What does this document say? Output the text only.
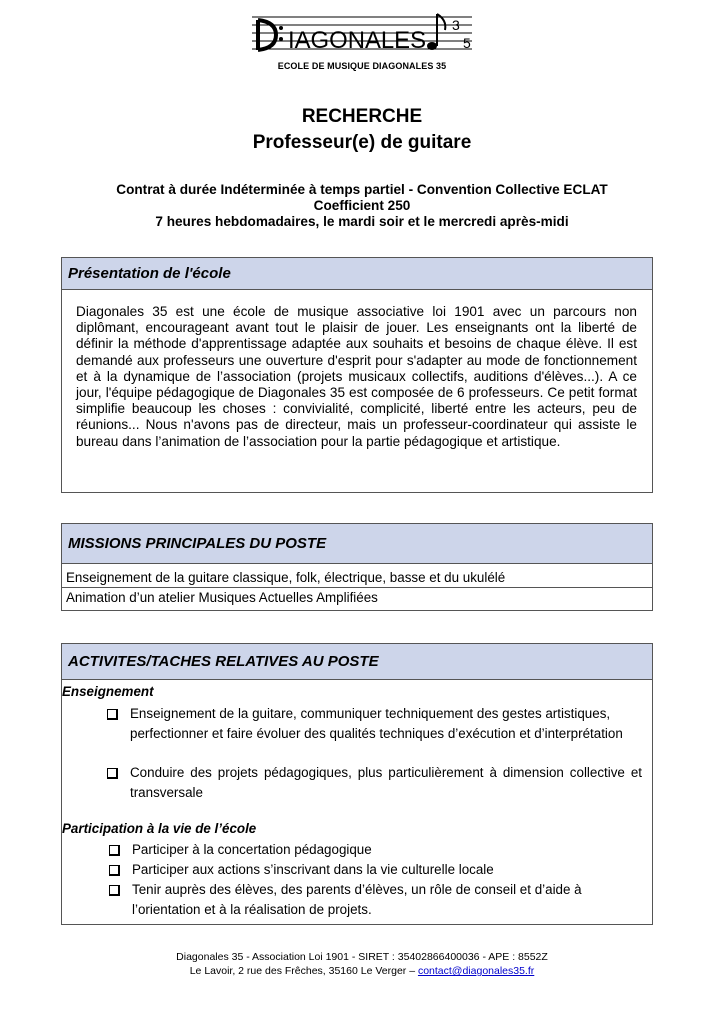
IAGONALES
3
5
ECOLE DE MUSIQUE DIAGONALES 35
RECHERCHE
Professeur(e) de guitare
Contrat à durée Indéterminée à temps partiel - Convention Collective ECLAT
Coefficient 250
7 heures hebdomadaires, le mardi soir et le mercredi après-midi
Présentation de l'école
Diagonales 35 est une école de musique associative loi 1901 avec un parcours non diplômant, encourageant avant tout le plaisir de jouer. Les enseignants ont la liberté de définir la méthode d'apprentissage adaptée aux souhaits et besoins de chaque élève. Il est demandé aux professeurs une ouverture d'esprit pour s'adapter au mode de fonctionnement et à la dynamique de l’association (projets musicaux collectifs, auditions d'élèves...). A ce jour, l'équipe pédagogique de Diagonales 35 est composée de 6 professeurs. Ce petit format simplifie beaucoup les choses : convivialité, complicité, liberté entre les acteurs, peu de réunions... Nous n'avons pas de directeur, mais un professeur-coordinateur qui assiste le bureau dans l’animation de l’association pour la partie pédagogique et artistique.
MISSIONS PRINCIPALES DU POSTE
Enseignement de la guitare classique, folk, électrique, basse et du ukulélé
Animation d’un atelier Musiques Actuelles Amplifiées
ACTIVITES/TACHES RELATIVES AU POSTE
Enseignement
Enseignement de la guitare, communiquer techniquement des gestes artistiques, perfectionner et faire évoluer des qualités techniques d’exécution et d’interprétation
Conduire des projets pédagogiques, plus particulièrement à dimension collective et transversale
Participation à la vie de l’école
Participer à la concertation pédagogique
Participer aux actions s’inscrivant dans la vie culturelle locale
Tenir auprès des élèves, des parents d’élèves, un rôle de conseil et d’aide à l’orientation et à la réalisation de projets.
Diagonales 35 - Association Loi 1901 - SIRET : 35402866400036 - APE : 8552Z
Le Lavoir, 2 rue des Frêches, 35160 Le Verger – contact@diagonales35.fr
